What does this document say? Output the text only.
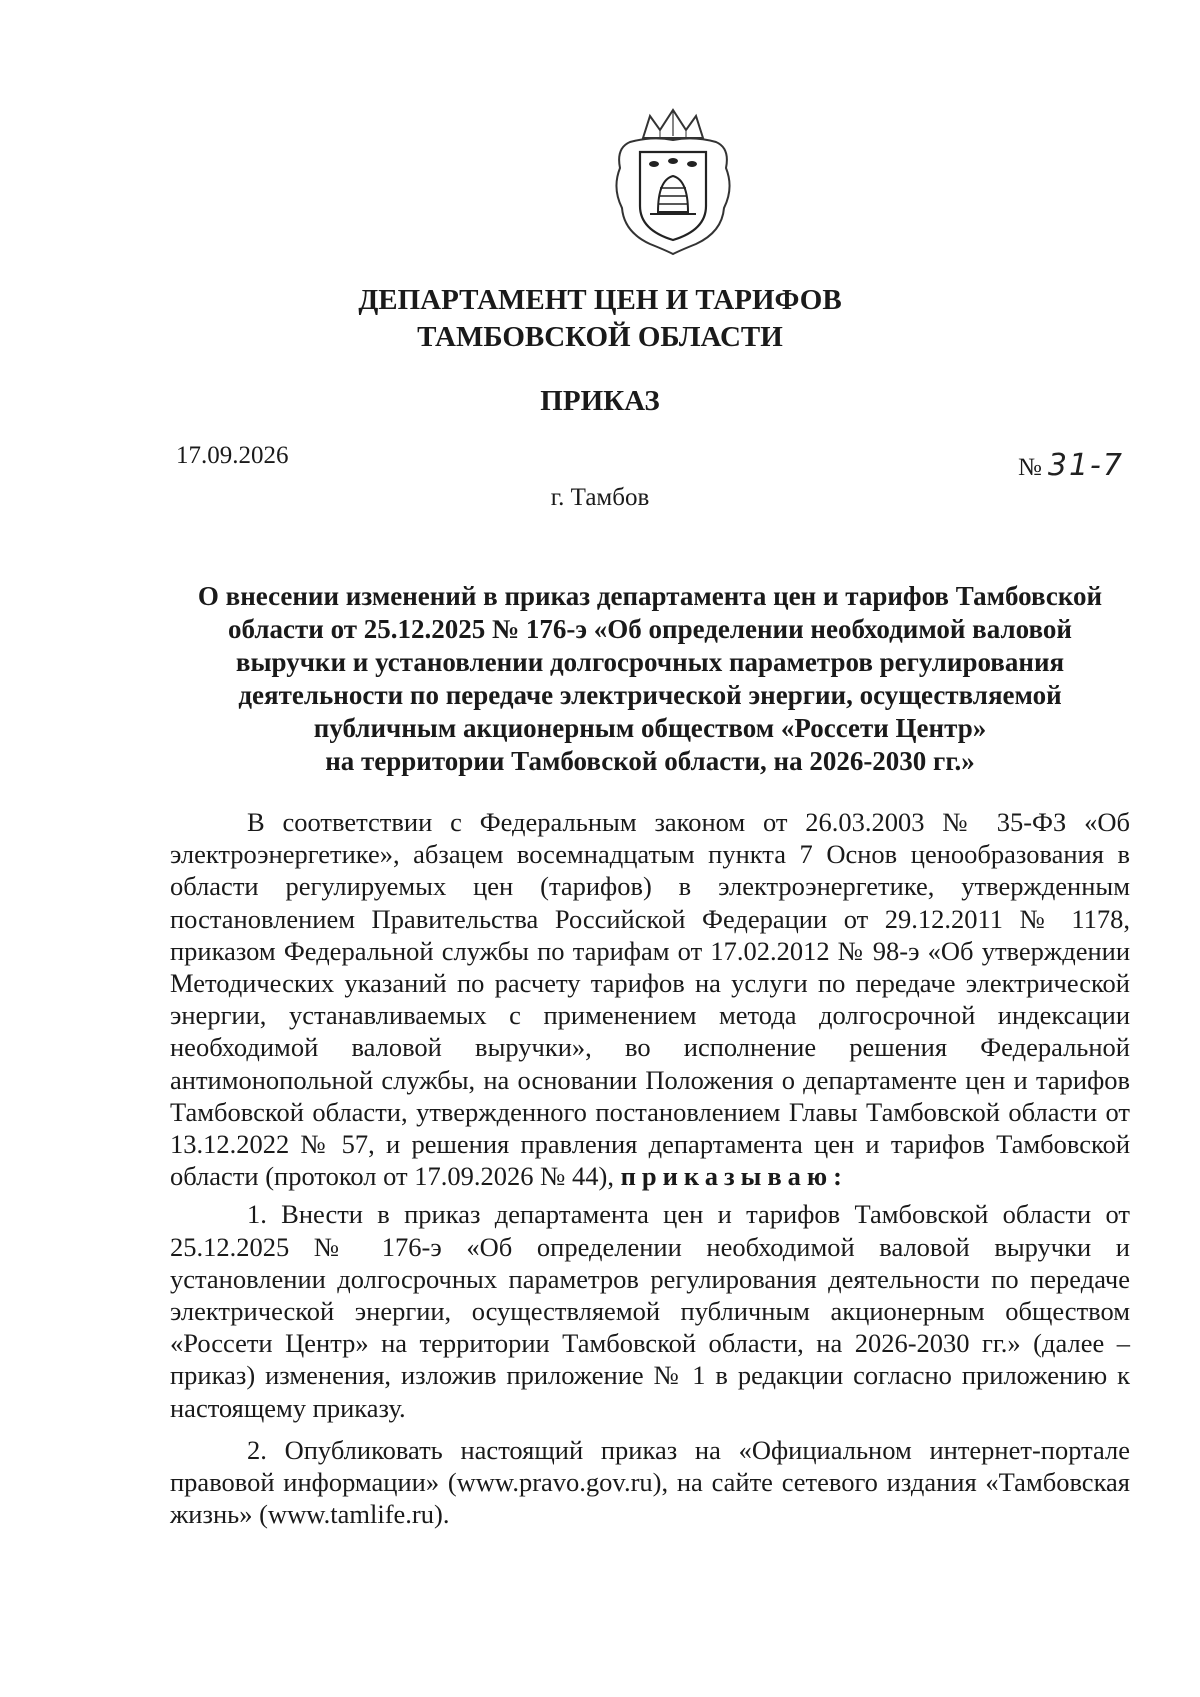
ДЕПАРТАМЕНТ ЦЕН И ТАРИФОВ
ТАМБОВСКОЙ ОБЛАСТИ
ПРИКАЗ
17.09.2026	№ 31-7
г. Тамбов
О внесении изменений в приказ департамента цен и тарифов Тамбовской
области от 25.12.2025 № 176-э «Об определении необходимой валовой
выручки и установлении долгосрочных параметров регулирования
деятельности по передаче электрической энергии, осуществляемой
публичным акционерным обществом «Россети Центр»
на территории Тамбовской области, на 2026-2030 гг.»

В соответствии с Федеральным законом от 26.03.2003 № 35-ФЗ «Об электроэнергетике», абзацем восемнадцатым пункта 7 Основ ценообразования в области регулируемых цен (тарифов) в электроэнергетике, утвержденным постановлением Правительства Российской Федерации от 29.12.2011 № 1178, приказом Федеральной службы по тарифам от 17.02.2012 № 98-э «Об утверждении Методических указаний по расчету тарифов на услуги по передаче электрической энергии, устанавливаемых с применением метода долгосрочной индексации необходимой валовой выручки», во исполнение решения Федеральной антимонопольной службы, на основании Положения о департаменте цен и тарифов Тамбовской области, утвержденного постановлением Главы Тамбовской области от 13.12.2022 № 57, и решения правления департамента цен и тарифов Тамбовской области (протокол от 17.09.2026 № 44), приказываю:

1. Внести в приказ департамента цен и тарифов Тамбовской области от 25.12.2025 № 176-э «Об определении необходимой валовой выручки и установлении долгосрочных параметров регулирования деятельности по передаче электрической энергии, осуществляемой публичным акционерным обществом «Россети Центр» на территории Тамбовской области, на 2026-2030 гг.» (далее – приказ) изменения, изложив приложение № 1 в редакции согласно приложению к настоящему приказу.

2. Опубликовать настоящий приказ на «Официальном интернет-портале правовой информации» (www.pravo.gov.ru), на сайте сетевого издания «Тамбовская жизнь» (www.tamlife.ru).
